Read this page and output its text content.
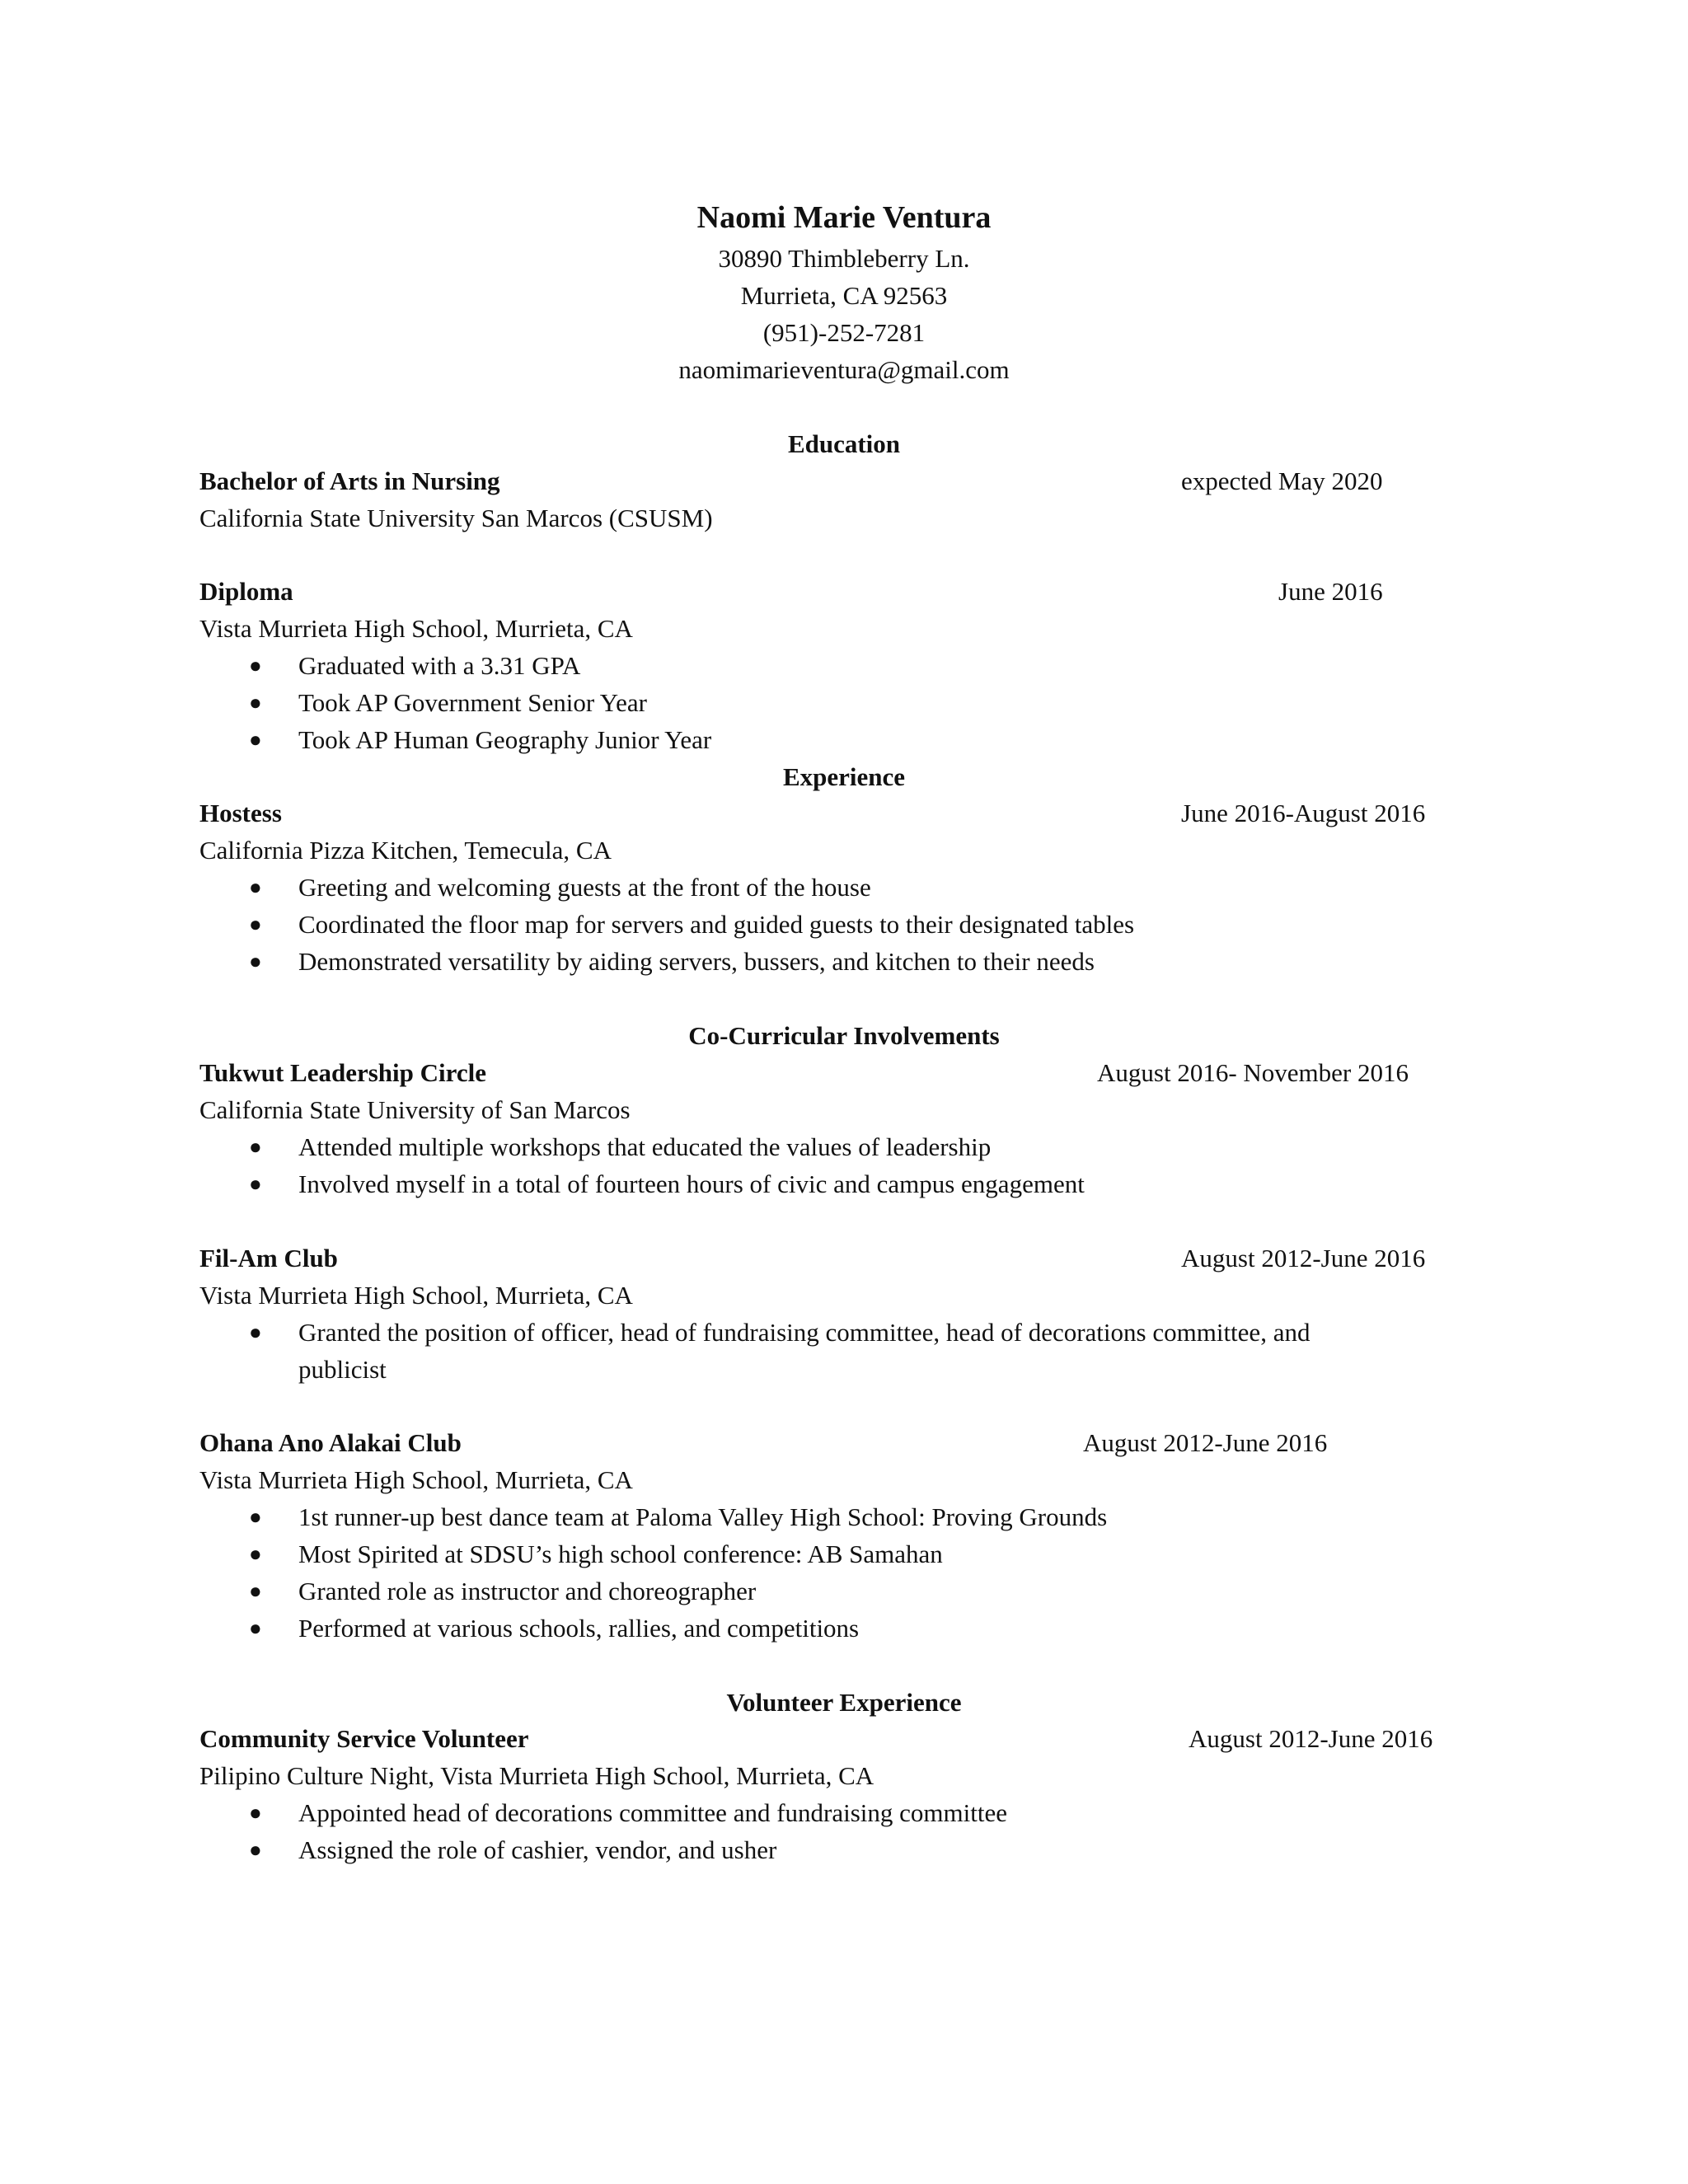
Naomi Marie Ventura
30890 Thimbleberry Ln.
Murrieta, CA 92563
(951)-252-7281
naomimarieventura@gmail.com
Education
Bachelor of Arts in Nursing	expected May 2020
California State University San Marcos (CSUSM)
Diploma	June 2016
Vista Murrieta High School, Murrieta, CA
● Graduated with a 3.31 GPA
● Took AP Government Senior Year
● Took AP Human Geography Junior Year
Experience
Hostess	June 2016-August 2016
California Pizza Kitchen, Temecula, CA
● Greeting and welcoming guests at the front of the house
● Coordinated the floor map for servers and guided guests to their designated tables
● Demonstrated versatility by aiding servers, bussers, and kitchen to their needs
Co-Curricular Involvements
Tukwut Leadership Circle	August 2016- November 2016
California State University of San Marcos
● Attended multiple workshops that educated the values of leadership
● Involved myself in a total of fourteen hours of civic and campus engagement
Fil-Am Club	August 2012-June 2016
Vista Murrieta High School, Murrieta, CA
● Granted the position of officer, head of fundraising committee, head of decorations committee, and
publicist
Ohana Ano Alakai Club	August 2012-June 2016
Vista Murrieta High School, Murrieta, CA
● 1st runner-up best dance team at Paloma Valley High School: Proving Grounds
● Most Spirited at SDSU’s high school conference: AB Samahan
● Granted role as instructor and choreographer
● Performed at various schools, rallies, and competitions
Volunteer Experience
Community Service Volunteer	August 2012-June 2016
Pilipino Culture Night, Vista Murrieta High School, Murrieta, CA
● Appointed head of decorations committee and fundraising committee
● Assigned the role of cashier, vendor, and usher
